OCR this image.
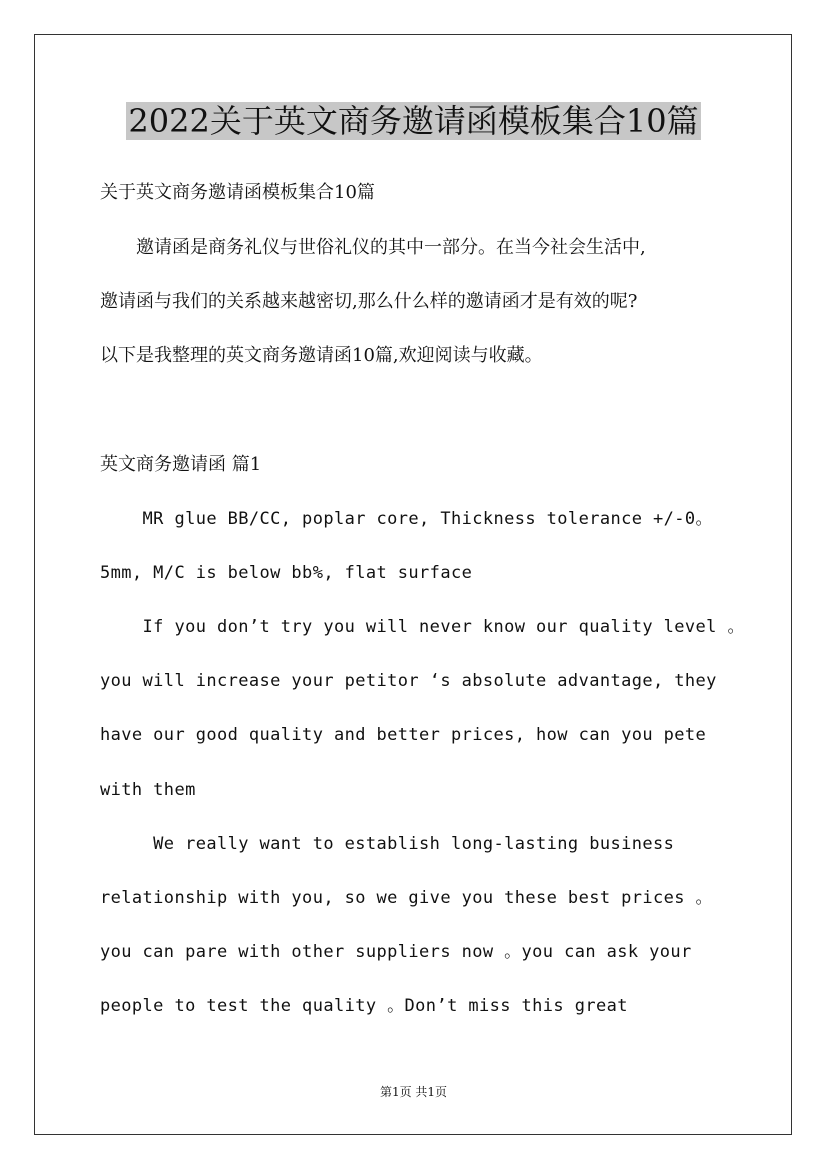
2022关于英文商务邀请函模板集合10篇

关于英文商务邀请函模板集合10篇

　　邀请函是商务礼仪与世俗礼仪的其中一部分。在当今社会生活中,

邀请函与我们的关系越来越密切,那么什么样的邀请函才是有效的呢?

以下是我整理的英文商务邀请函10篇,欢迎阅读与收藏。

英文商务邀请函 篇1

MR glue BB/CC, poplar core, Thickness tolerance +/-0。

5mm, M/C is below bb%, flat surface

If you don’t try you will never know our quality level 。

you will increase your petitor ‘s absolute advantage, they

have our good quality and better prices, how can you pete

with them

We really want to establish long-lasting business

relationship with you, so we give you these best prices 。

you can pare with other suppliers now 。you can ask your

people to test the quality 。Don’t miss this great

第1页 共1页
